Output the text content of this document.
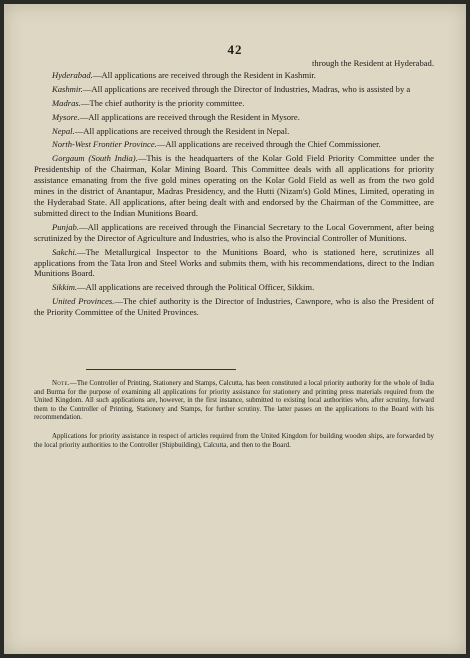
42

through the Resident at Hyderabad.

Hyderabad.—All applications are received through the Resident in Kashmir.

Kashmir.—All applications are received through the Director of Industries, Madras, who is assisted by a

Madras.—The chief authority is the priority committee.

Mysore.—All applications are received through the Resident in Mysore.

Nepal.—All applications are received through the Resident in Nepal.

North-West Frontier Province.—All applications are received through the Chief Commissioner.

Gorgaum (South India).—This is the headquarters of the Kolar Gold Field Priority Committee under the Presidentship of the Chairman, Kolar Mining Board. This Committee deals with all applications for priority assistance emanating from the five gold mines operating on the Kolar Gold Field as well as from the two gold mines in the district of Anantapur, Madras Presidency, and the Hutti (Nizam's) Gold Mines, Limited, operating in the Hyderabad State. All applications, after being dealt with and endorsed by the Chairman of the Committee, are submitted direct to the Indian Munitions Board.

Punjab.—All applications are received through the Financial Secretary to the Local Government, after being scrutinized by the Director of Agriculture and Industries, who is also the Provincial Controller of Munitions.

Sakchi.—The Metallurgical Inspector to the Munitions Board, who is stationed here, scrutinizes all applications from the Tata Iron and Steel Works and submits them, with his recommendations, direct to the Indian Munitions Board.

Sikkim.—All applications are received through the Political Officer, Sikkim.

United Provinces.—The chief authority is the Director of Industries, Cawnpore, who is also the President of the Priority Committee of the United Provinces.

Note.—The Controller of Printing, Stationery and Stamps, Calcutta, has been constituted a local priority authority for the whole of India and Burma for the purpose of examining all applications for priority assistance for stationery and printing press materials required from the United Kingdom. All such applications are, however, in the first instance, submitted to existing local authorities who, after scrutiny, forward them to the Controller of Printing, Stationery and Stamps, for further scrutiny. The latter passes on the applications to the Board with his recommendation.

Applications for priority assistance in respect of articles required from the United Kingdom for building wooden ships, are forwarded by the local priority authorities to the Controller (Shipbuilding), Calcutta, and then to the Board.
